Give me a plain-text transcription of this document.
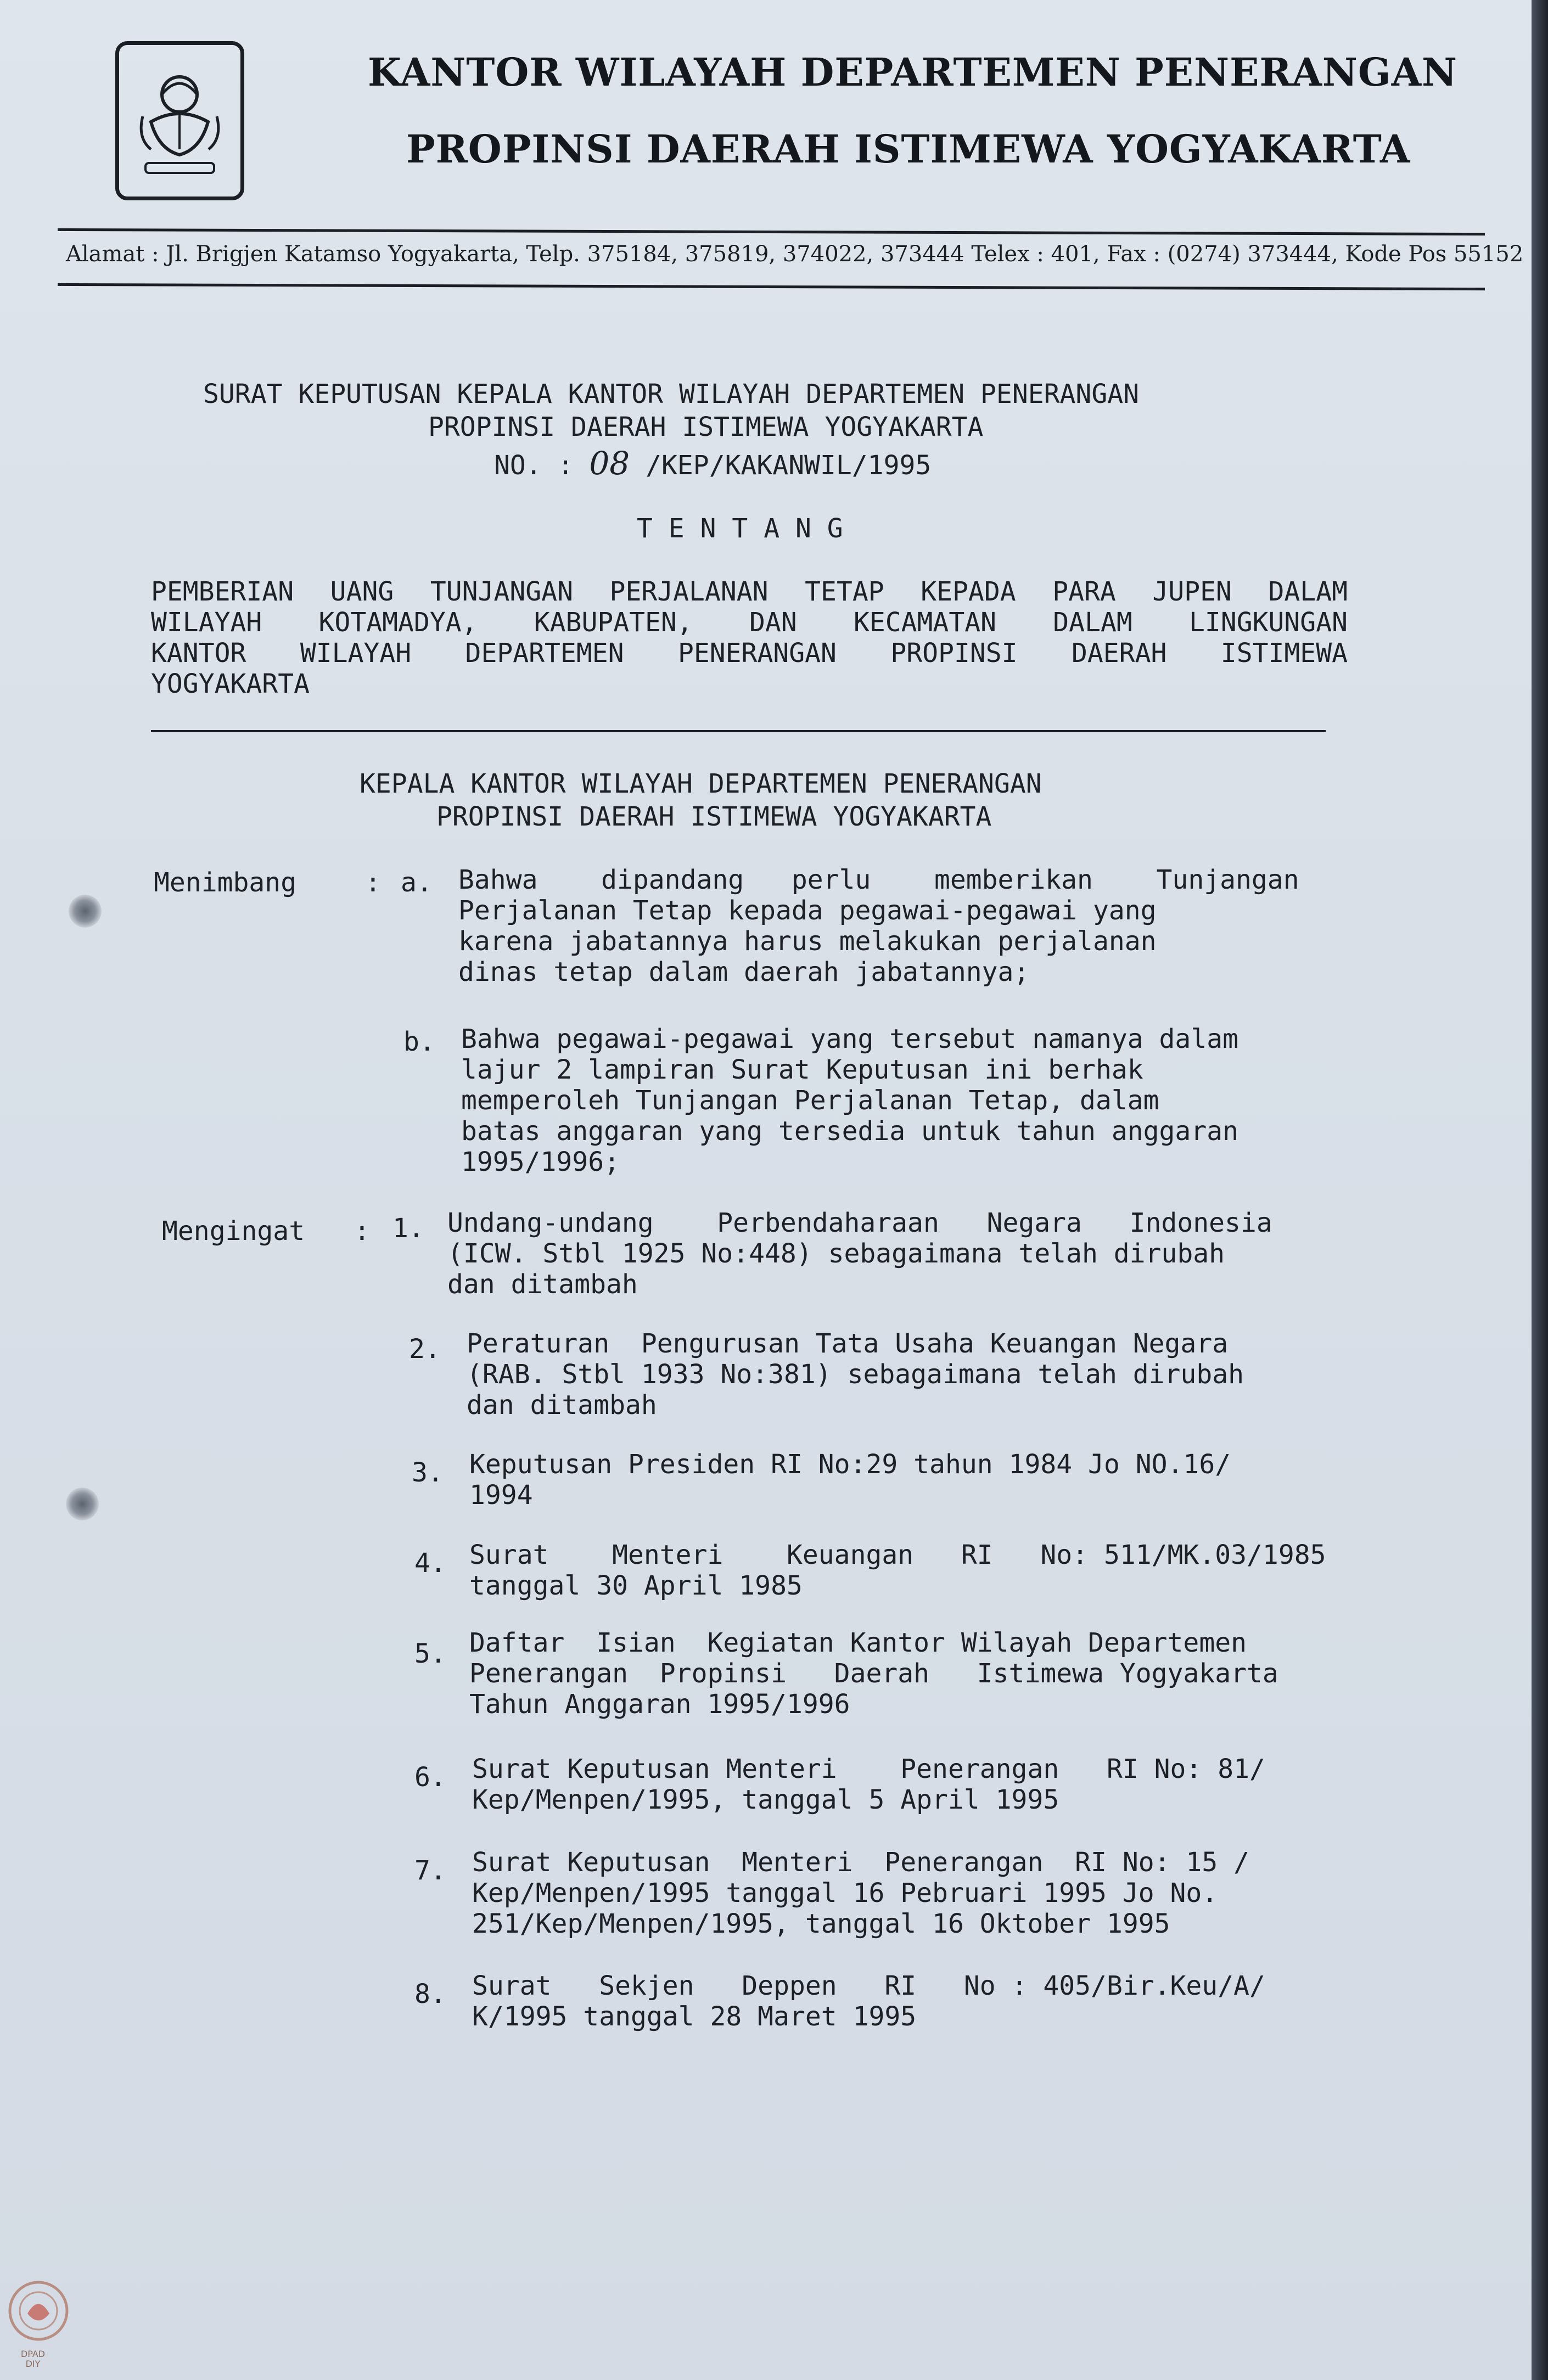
KANTOR WILAYAH DEPARTEMEN PENERANGAN
PROPINSI DAERAH ISTIMEWA YOGYAKARTA
Alamat : Jl. Brigjen Katamso Yogyakarta, Telp. 375184, 375819, 374022, 373444 Telex : 401, Fax : (0274) 373444, Kode Pos 55152
SURAT KEPUTUSAN KEPALA KANTOR WILAYAH DEPARTEMEN PENERANGAN
PROPINSI DAERAH ISTIMEWA YOGYAKARTA
NO. : 08 /KEP/KAKANWIL/1995
T E N T A N G
PEMBERIAN UANG TUNJANGAN PERJALANAN TETAP KEPADA PARA JUPEN DALAM
WILAYAH KOTAMADYA, KABUPATEN, DAN KECAMATAN DALAM LINGKUNGAN
KANTOR WILAYAH DEPARTEMEN PENERANGAN PROPINSI DAERAH ISTIMEWA
YOGYAKARTA
KEPALA KANTOR WILAYAH DEPARTEMEN PENERANGAN
PROPINSI DAERAH ISTIMEWA YOGYAKARTA
Menimbang	: a. Bahwa    dipandang   perlu    memberikan    Tunjangan
Perjalanan Tetap kepada pegawai-pegawai yang
karena jabatannya harus melakukan perjalanan
dinas tetap dalam daerah jabatannya;
b. Bahwa pegawai-pegawai yang tersebut namanya dalam
lajur 2 lampiran Surat Keputusan ini berhak
memperoleh Tunjangan Perjalanan Tetap, dalam
batas anggaran yang tersedia untuk tahun anggaran
1995/1996;
Mengingat : 1. Undang-undang    Perbendaharaan   Negara   Indonesia
(ICW. Stbl 1925 No:448) sebagaimana telah dirubah
dan ditambah
2. Peraturan  Pengurusan Tata Usaha Keuangan Negara
(RAB. Stbl 1933 No:381) sebagaimana telah dirubah
dan ditambah
3. Keputusan Presiden RI No:29 tahun 1984 Jo NO.16/
1994
4. Surat    Menteri    Keuangan   RI   No: 511/MK.03/1985
tanggal 30 April 1985
5. Daftar  Isian  Kegiatan Kantor Wilayah Departemen
Penerangan  Propinsi   Daerah   Istimewa Yogyakarta
Tahun Anggaran 1995/1996
6. Surat Keputusan Menteri    Penerangan   RI No: 81/
Kep/Menpen/1995, tanggal 5 April 1995
7. Surat Keputusan  Menteri  Penerangan  RI No: 15 /
Kep/Menpen/1995 tanggal 16 Pebruari 1995 Jo No.
251/Kep/Menpen/1995, tanggal 16 Oktober 1995
8. Surat   Sekjen   Deppen   RI   No : 405/Bir.Keu/A/
K/1995 tanggal 28 Maret 1995
DPAD
DIY
